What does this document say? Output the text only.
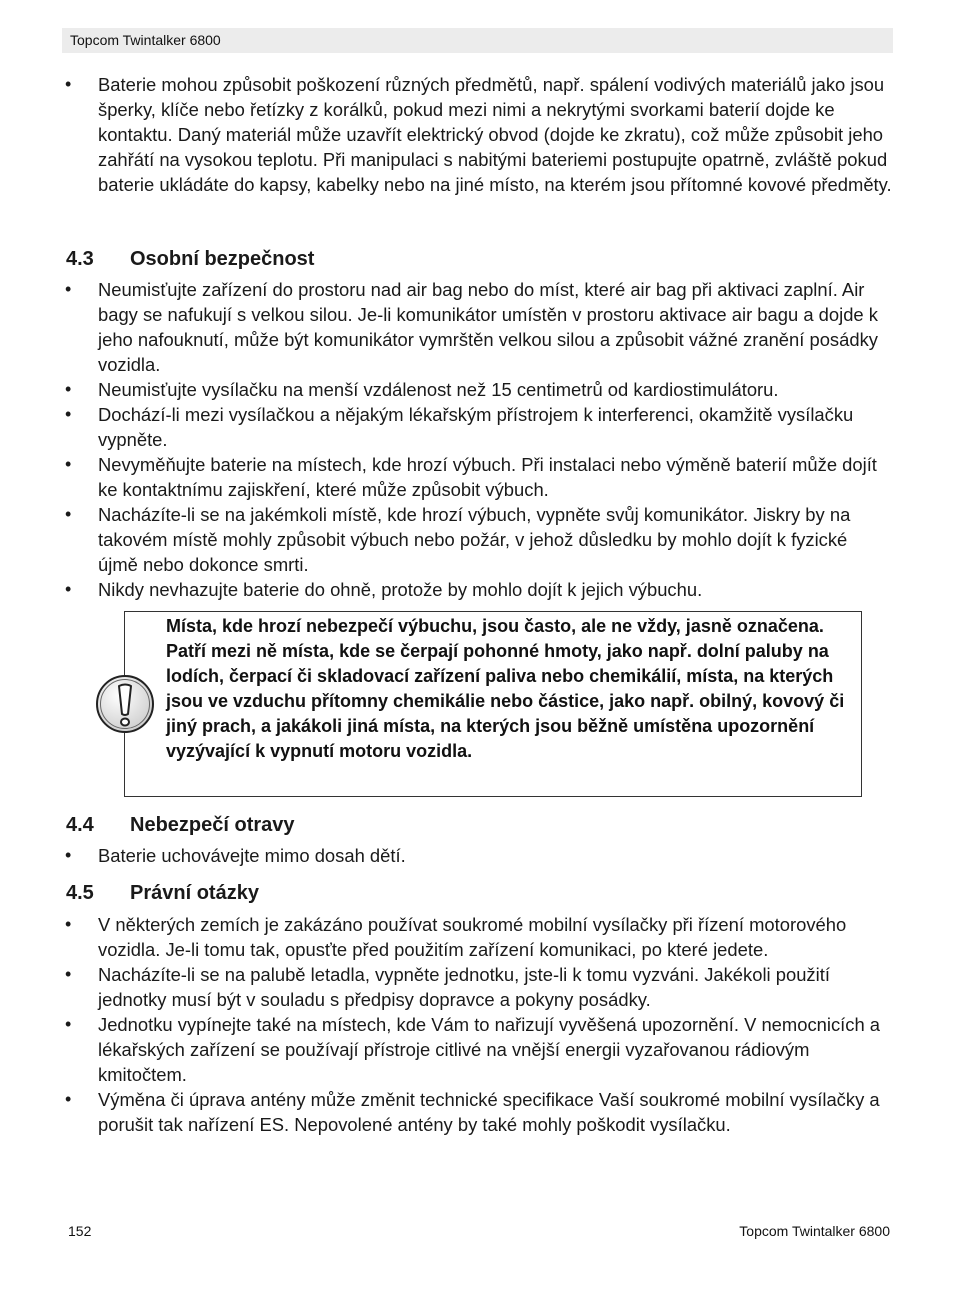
Topcom Twintalker 6800
• Baterie mohou způsobit poškození různých předmětů, např. spálení vodivých materiálů jako jsou šperky, klíče nebo řetízky z korálků, pokud mezi nimi a nekrytými svorkami baterií dojde ke kontaktu. Daný materiál může uzavřít elektrický obvod (dojde ke zkratu), což může způsobit jeho zahřátí na vysokou teplotu. Při manipulaci s nabitými bateriemi postupujte opatrně, zvláště pokud baterie ukládáte do kapsy, kabelky nebo na jiné místo, na kterém jsou přítomné kovové předměty.
4.3 Osobní bezpečnost
• Neumisťujte zařízení do prostoru nad air bag nebo do míst, které air bag při aktivaci zaplní. Air bagy se nafukují s velkou silou. Je-li komunikátor umístěn v prostoru aktivace air bagu a dojde k jeho nafouknutí, může být komunikátor vymrštěn velkou silou a způsobit vážné zranění posádky vozidla.
• Neumisťujte vysílačku na menší vzdálenost než 15 centimetrů od kardiostimulátoru.
• Dochází-li mezi vysílačkou a nějakým lékařským přístrojem k interferenci, okamžitě vysílačku vypněte.
• Nevyměňujte baterie na místech, kde hrozí výbuch. Při instalaci nebo výměně baterií může dojít ke kontaktnímu zajiskření, které může způsobit výbuch.
• Nacházíte-li se na jakémkoli místě, kde hrozí výbuch, vypněte svůj komunikátor. Jiskry by na takovém místě mohly způsobit výbuch nebo požár, v jehož důsledku by mohlo dojít k fyzické újmě nebo dokonce smrti.
• Nikdy nevhazujte baterie do ohně, protože by mohlo dojít k jejich výbuchu.
Místa, kde hrozí nebezpečí výbuchu, jsou často, ale ne vždy, jasně označena. Patří mezi ně místa, kde se čerpají pohonné hmoty, jako např. dolní paluby na lodích, čerpací či skladovací zařízení paliva nebo chemikálií, místa, na kterých jsou ve vzduchu přítomny chemikálie nebo částice, jako např. obilný, kovový či jiný prach, a jakákoli jiná místa, na kterých jsou běžně umístěna upozornění vyzývající k vypnutí motoru vozidla.
4.4 Nebezpečí otravy
• Baterie uchovávejte mimo dosah dětí.
4.5 Právní otázky
• V některých zemích je zakázáno používat soukromé mobilní vysílačky při řízení motorového vozidla. Je-li tomu tak, opusťte před použitím zařízení komunikaci, po které jedete.
• Nacházíte-li se na palubě letadla, vypněte jednotku, jste-li k tomu vyzváni. Jakékoli použití jednotky musí být v souladu s předpisy dopravce a pokyny posádky.
• Jednotku vypínejte také na místech, kde Vám to nařizují vyvěšená upozornění. V nemocnicích a lékařských zařízení se používají přístroje citlivé na vnější energii vyzařovanou rádiovým kmitočtem.
• Výměna či úprava antény může změnit technické specifikace Vaší soukromé mobilní vysílačky a porušit tak nařízení ES. Nepovolené antény by také mohly poškodit vysílačku.
152	Topcom Twintalker 6800
